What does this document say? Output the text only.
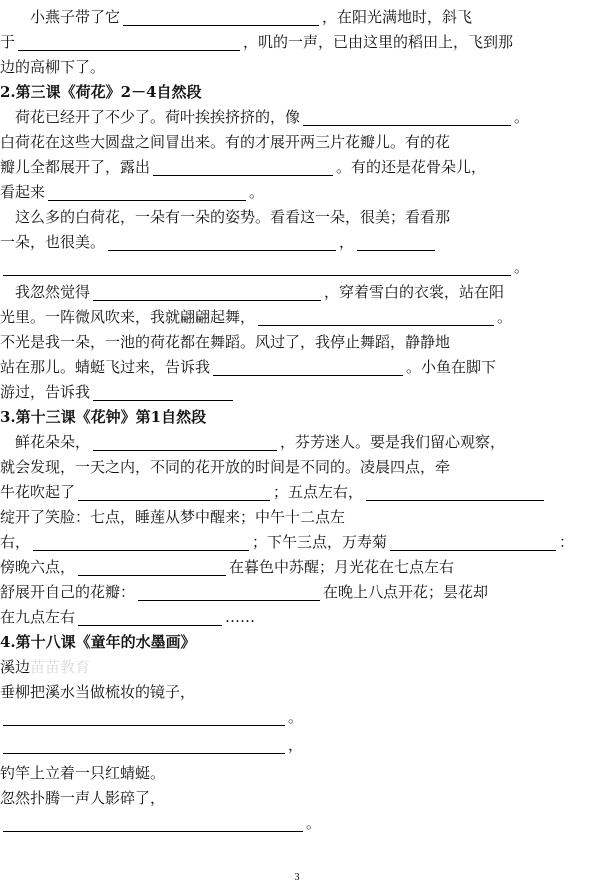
　　小燕子带了它	，在阳光满地时，斜飞
于	，叽的一声，已由这里的稻田上，飞到那
边的高柳下了。
2.第三课《荷花》2－4自然段
　荷花已经开了不少了。荷叶挨挨挤挤的，像	。
白荷花在这些大圆盘之间冒出来。有的才展开两三片花瓣儿。有的花
瓣儿全都展开了，露出	。有的还是花骨朵儿，
看起来	。
　这么多的白荷花，一朵有一朵的姿势。看看这一朵，很美；看看那
一朵，也很美。	，
。
　我忽然觉得	，穿着雪白的衣裳，站在阳
光里。一阵微风吹来，我就翩翩起舞，	。
不光是我一朵，一池的荷花都在舞蹈。风过了，我停止舞蹈，静静地
站在那儿。蜻蜓飞过来，告诉我	。小鱼在脚下
游过，告诉我
3.第十三课《花钟》第1自然段
　鲜花朵朵，	，芬芳迷人。要是我们留心观察，
就会发现，一天之内，不同的花开放的时间是不同的。凌晨四点，牵
牛花吹起了	；五点左右，
绽开了笑脸：七点，睡莲从梦中醒来；中午十二点左
右，	；下午三点，万寿菊	：
傍晚六点，	在暮色中苏醒；月光花在七点左右
舒展开自己的花瓣：	在晚上八点开花；昙花却
在九点左右	……
4.第十八课《童年的水墨画》
溪边苗苗教育
垂柳把溪水当做梳妆的镜子，
。
，
钓竿上立着一只红蜻蜓。
忽然扑腾一声人影碎了，
。
3
